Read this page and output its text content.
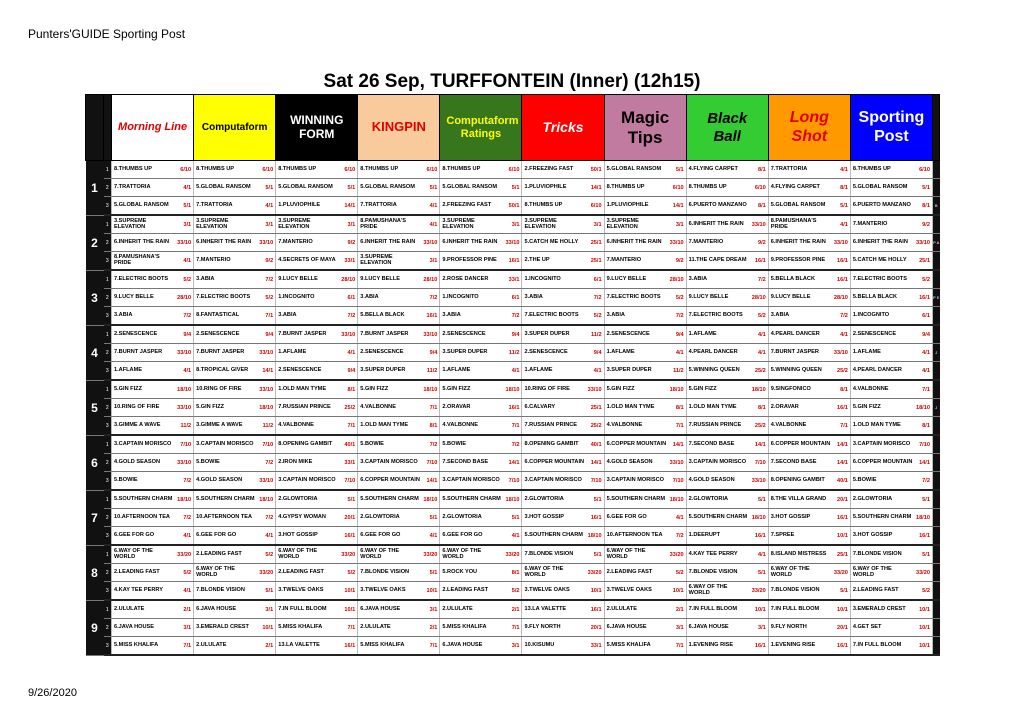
Punters'GUIDE Sporting Post
Sat 26 Sep, TURFFONTEIN (Inner) (12h15)
		Morning Line	Computaform	WINNING FORM	KINGPIN	Computaform Ratings	Tricks	Magic Tips	Black Ball	Long Shot	Sporting Post	
1	1	8.THUMBS UP 6/10	8.THUMBS UP 6/10	8.THUMBS UP 6/10	8.THUMBS UP 6/10	8.THUMBS UP 6/10	2.FREEZING FAST 50/1	5.GLOBAL RANSOM 5/1	4.FLYING CARPET 8/1	7.TRATTORIA 4/1	8.THUMBS UP 6/10	

	2	7.TRATTORIA 4/1	5.GLOBAL RANSOM 5/1	5.GLOBAL RANSOM 5/1	5.GLOBAL RANSOM 5/1	5.GLOBAL RANSOM 5/1	1.PLUVIOPHILE 14/1	8.THUMBS UP 6/10	8.THUMBS UP 6/10	4.FLYING CARPET 8/1	5.GLOBAL RANSOM 5/1	

	3	5.GLOBAL RANSOM 5/1	7.TRATTORIA 4/1	1.PLUVIOPHILE 14/1	7.TRATTORIA 4/1	2.FREEZING FAST 50/1	8.THUMBS UP 6/10	1.PLUVIOPHILE 14/1	6.PUERTO MANZANO 8/1	5.GLOBAL RANSOM 5/1	6.PUERTO MANZANO 8/1	B
2	1	3.SUPREME ELEVATION 3/1	3.SUPREME ELEVATION 3/1	3.SUPREME ELEVATION 3/1	8.PAMUSHANA'S PRIDE 4/1	3.SUPREME ELEVATION 3/1	3.SUPREME ELEVATION 3/1	3.SUPREME ELEVATION 3/1	6.INHERIT THE RAIN 33/10	8.PAMUSHANA'S PRIDE 4/1	7.MANTERIO 9/2	

	2	6.INHERIT THE RAIN 33/10	6.INHERIT THE RAIN 33/10	7.MANTERIO 9/2	6.INHERIT THE RAIN 33/10	6.INHERIT THE RAIN 33/10	5.CATCH ME HOLLY 25/1	6.INHERIT THE RAIN 33/10	7.MANTERIO 9/2	6.INHERIT THE RAIN 33/10	6.INHERIT THE RAIN 33/10	P A
	3	8.PAMUSHANA'S PRIDE 4/1	7.MANTERIO 9/2	4.SECRETS OF MAYA 33/1	3.SUPREME ELEVATION 3/1	9.PROFESSOR PINE 16/1	2.THE UP 25/1	7.MANTERIO 9/2	11.THE CAPE DREAM 16/1	9.PROFESSOR PINE 16/1	5.CATCH ME HOLLY 25/1	

3	1	7.ELECTRIC BOOTS 5/2	3.ABIA 7/2	9.LUCY BELLE 28/10	9.LUCY BELLE 28/10	2.ROSE DANCER 33/1	1.INCOGNITO 6/1	9.LUCY BELLE 28/10	3.ABIA 7/2	5.BELLA BLACK 16/1	7.ELECTRIC BOOTS 5/2	

	2	9.LUCY BELLE 28/10	7.ELECTRIC BOOTS 5/2	1.INCOGNITO 6/1	3.ABIA 7/2	1.INCOGNITO 6/1	3.ABIA 7/2	7.ELECTRIC BOOTS 5/2	9.LUCY BELLE 28/10	9.LUCY BELLE 28/10	5.BELLA BLACK 16/1	P E
	3	3.ABIA 7/2	8.FANTASTICAL 7/1	3.ABIA 7/2	5.BELLA BLACK 16/1	3.ABIA 7/2	7.ELECTRIC BOOTS 5/2	3.ABIA 7/2	7.ELECTRIC BOOTS 5/2	3.ABIA 7/2	1.INCOGNITO 6/1	

4	1	2.SENESCENCE 9/4	2.SENESCENCE 9/4	7.BURNT JASPER 33/10	7.BURNT JASPER 33/10	2.SENESCENCE 9/4	3.SUPER DUPER 11/2	2.SENESCENCE 9/4	1.AFLAME 4/1	4.PEARL DANCER 4/1	2.SENESCENCE 9/4	

	2	7.BURNT JASPER 33/10	7.BURNT JASPER 33/10	1.AFLAME 4/1	2.SENESCENCE 9/4	3.SUPER DUPER 11/2	2.SENESCENCE 9/4	1.AFLAME 4/1	4.PEARL DANCER 4/1	7.BURNT JASPER 33/10	1.AFLAME 4/1	J
	3	1.AFLAME 4/1	8.TROPICAL GIVER 14/1	2.SENESCENCE 9/4	3.SUPER DUPER 11/2	1.AFLAME 4/1	1.AFLAME 4/1	3.SUPER DUPER 11/2	5.WINNING QUEEN 25/2	5.WINNING QUEEN 25/2	4.PEARL DANCER 4/1	

5	1	5.GIN FIZZ 18/10	10.RING OF FIRE 33/10	1.OLD MAN TYME 8/1	5.GIN FIZZ 18/10	5.GIN FIZZ 18/10	10.RING OF FIRE 33/10	5.GIN FIZZ 18/10	5.GIN FIZZ 18/10	9.SINGFONICO 8/1	4.VALBONNE 7/1	

	2	10.RING OF FIRE 33/10	5.GIN FIZZ 18/10	7.RUSSIAN PRINCE 25/2	4.VALBONNE 7/1	2.ORAVAR 16/1	6.CALVARY 25/1	1.OLD MAN TYME 8/1	1.OLD MAN TYME 8/1	2.ORAVAR 16/1	5.GIN FIZZ 18/10	J
	3	3.GIMME A WAVE 11/2	3.GIMME A WAVE 11/2	4.VALBONNE 7/1	1.OLD MAN TYME 8/1	4.VALBONNE 7/1	7.RUSSIAN PRINCE 25/2	4.VALBONNE 7/1	7.RUSSIAN PRINCE 25/2	4.VALBONNE 7/1	1.OLD MAN TYME 8/1	

6	1	3.CAPTAIN MORISCO 7/10	3.CAPTAIN MORISCO 7/10	8.OPENING GAMBIT 40/1	5.BOWIE 7/2	5.BOWIE 7/2	8.OPENING GAMBIT 40/1	6.COPPER MOUNTAIN 14/1	7.SECOND BASE 14/1	6.COPPER MOUNTAIN 14/1	3.CAPTAIN MORISCO 7/10	

	2	4.GOLD SEASON 33/10	5.BOWIE 7/2	2.IRON MIKE 33/1	3.CAPTAIN MORISCO 7/10	7.SECOND BASE 14/1	6.COPPER MOUNTAIN 14/1	4.GOLD SEASON 33/10	3.CAPTAIN MORISCO 7/10	7.SECOND BASE 14/1	6.COPPER MOUNTAIN 14/1	

	3	5.BOWIE 7/2	4.GOLD SEASON 33/10	3.CAPTAIN MORISCO 7/10	6.COPPER MOUNTAIN 14/1	3.CAPTAIN MORISCO 7/10	3.CAPTAIN MORISCO 7/10	3.CAPTAIN MORISCO 7/10	4.GOLD SEASON 33/10	8.OPENING GAMBIT 40/1	5.BOWIE 7/2	

7	1	5.SOUTHERN CHARM 18/10	5.SOUTHERN CHARM 18/10	2.GLOWTORIA 5/1	5.SOUTHERN CHARM 18/10	5.SOUTHERN CHARM 18/10	2.GLOWTORIA 5/1	5.SOUTHERN CHARM 18/10	2.GLOWTORIA 5/1	8.THE VILLA GRAND 20/1	2.GLOWTORIA 5/1	

	2	10.AFTERNOON TEA 7/2	10.AFTERNOON TEA 7/2	4.GYPSY WOMAN 20/1	2.GLOWTORIA 5/1	2.GLOWTORIA 5/1	3.HOT GOSSIP 16/1	6.GEE FOR GO 4/1	5.SOUTHERN CHARM 18/10	3.HOT GOSSIP 16/1	5.SOUTHERN CHARM 18/10	

	3	6.GEE FOR GO 4/1	6.GEE FOR GO 4/1	3.HOT GOSSIP 16/1	6.GEE FOR GO 4/1	6.GEE FOR GO 4/1	5.SOUTHERN CHARM 18/10	10.AFTERNOON TEA 7/2	1.DEERUPT 16/1	7.SPREE 10/1	3.HOT GOSSIP 16/1	

8	1	6.WAY OF THE WORLD 33/20	2.LEADING FAST 5/2	6.WAY OF THE WORLD 33/20	6.WAY OF THE WORLD 33/20	6.WAY OF THE WORLD 33/20	7.BLONDE VISION 5/1	6.WAY OF THE WORLD 33/20	4.KAY TEE PERRY 4/1	8.ISLAND MISTRESS 25/1	7.BLONDE VISION 5/1	

	2	2.LEADING FAST 5/2	6.WAY OF THE WORLD 33/20	2.LEADING FAST 5/2	7.BLONDE VISION 5/1	5.ROCK YOU 8/1	6.WAY OF THE WORLD 33/20	2.LEADING FAST 5/2	7.BLONDE VISION 5/1	6.WAY OF THE WORLD 33/20	6.WAY OF THE WORLD 33/20	

	3	4.KAY TEE PERRY 4/1	7.BLONDE VISION 5/1	3.TWELVE OAKS 10/1	3.TWELVE OAKS 10/1	2.LEADING FAST 5/2	3.TWELVE OAKS 10/1	3.TWELVE OAKS 10/1	6.WAY OF THE WORLD 33/20	7.BLONDE VISION 5/1	2.LEADING FAST 5/2	

9	1	2.ULULATE 2/1	6.JAVA HOUSE 3/1	7.IN FULL BLOOM 10/1	6.JAVA HOUSE 3/1	2.ULULATE 2/1	13.LA VALETTE 16/1	2.ULULATE 2/1	7.IN FULL BLOOM 10/1	7.IN FULL BLOOM 10/1	3.EMERALD CREST 10/1	

	2	6.JAVA HOUSE 3/1	3.EMERALD CREST 10/1	5.MISS KHALIFA 7/1	2.ULULATE 2/1	5.MISS KHALIFA 7/1	9.FLY NORTH 20/1	6.JAVA HOUSE 3/1	6.JAVA HOUSE 3/1	9.FLY NORTH 20/1	4.GET SET 10/1	

	3	5.MISS KHALIFA 7/1	2.ULULATE 2/1	13.LA VALETTE 16/1	5.MISS KHALIFA 7/1	6.JAVA HOUSE 3/1	10.KISUMU 33/1	5.MISS KHALIFA 7/1	1.EVENING RISE 16/1	1.EVENING RISE 16/1	7.IN FULL BLOOM 10/1	

9/26/2020
